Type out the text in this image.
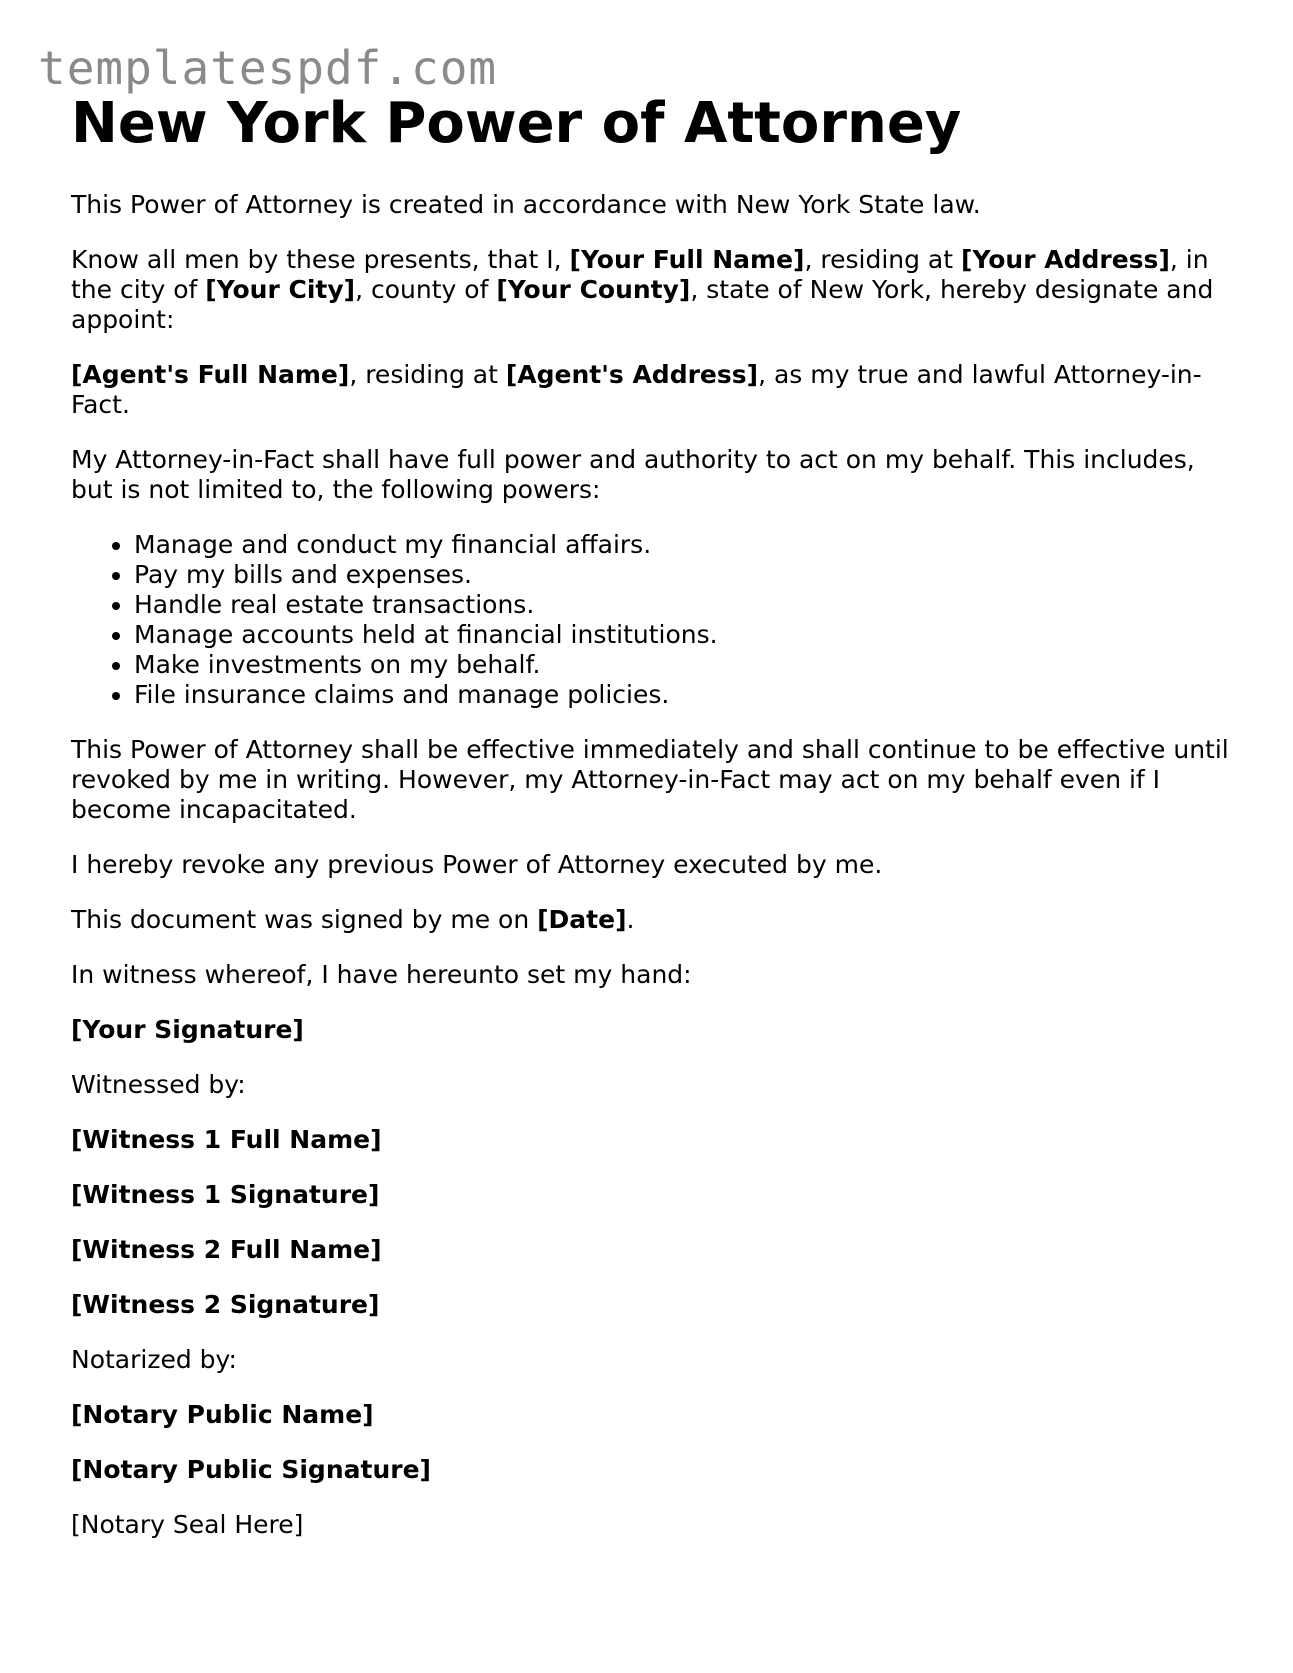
templatespdf.com
New York Power of Attorney

This Power of Attorney is created in accordance with New York State law.

Know all men by these presents, that I, [Your Full Name], residing at [Your Address], in the city of [Your City], county of [Your County], state of New York, hereby designate and appoint:

[Agent's Full Name], residing at [Agent's Address], as my true and lawful Attorney-in-Fact.

My Attorney-in-Fact shall have full power and authority to act on my behalf. This includes, but is not limited to, the following powers:

• Manage and conduct my financial affairs.
• Pay my bills and expenses.
• Handle real estate transactions.
• Manage accounts held at financial institutions.
• Make investments on my behalf.
• File insurance claims and manage policies.

This Power of Attorney shall be effective immediately and shall continue to be effective until revoked by me in writing. However, my Attorney-in-Fact may act on my behalf even if I become incapacitated.

I hereby revoke any previous Power of Attorney executed by me.

This document was signed by me on [Date].

In witness whereof, I have hereunto set my hand:

[Your Signature]

Witnessed by:

[Witness 1 Full Name]

[Witness 1 Signature]

[Witness 2 Full Name]

[Witness 2 Signature]

Notarized by:

[Notary Public Name]

[Notary Public Signature]

[Notary Seal Here]
